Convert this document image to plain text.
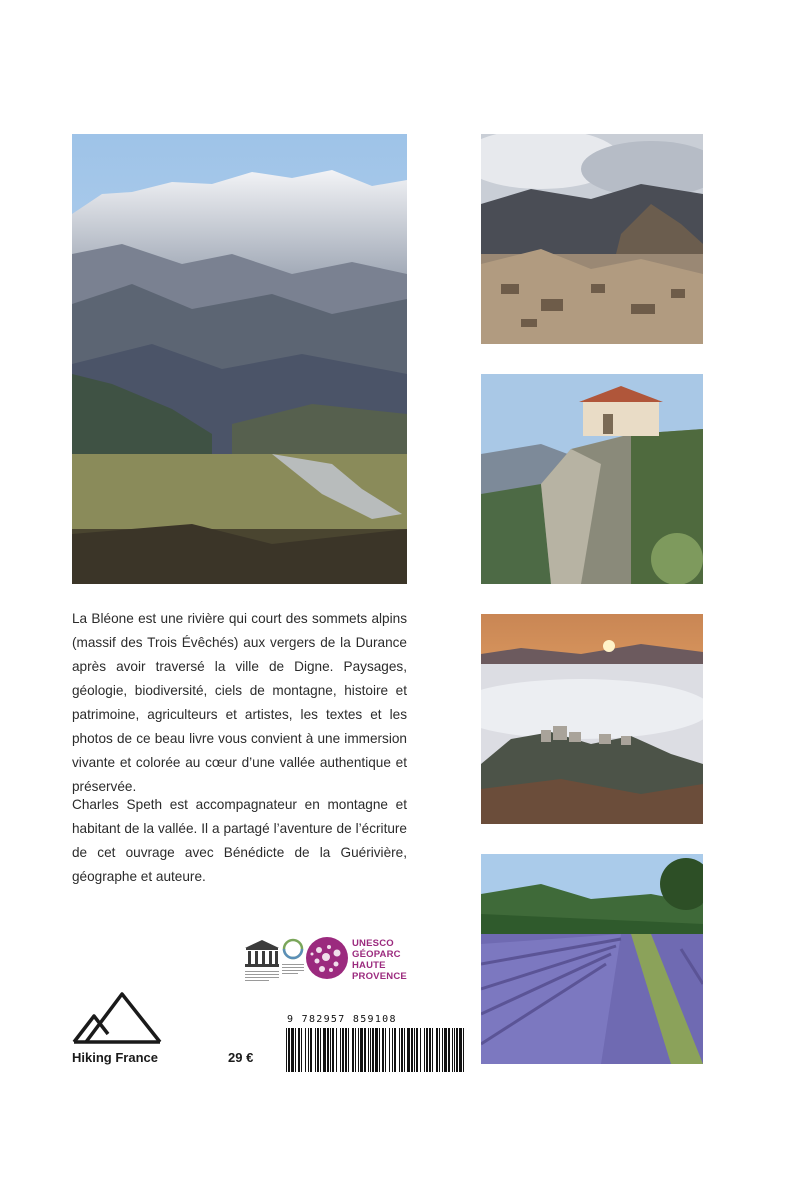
La Bléone est une rivière qui court des sommets alpins (massif des Trois Évêchés) aux vergers de la Durance après avoir traversé la ville de Digne. Paysages, géologie, biodiversité, ciels de montagne, histoire et patrimoine, agriculteurs et artistes, les textes et les photos de ce beau livre vous convient à une immersion vivante et colorée au cœur d’une vallée authentique et préservée.

Charles Speth est accompagnateur en montagne et habitant de la vallée. Il a partagé l’aventure de l’écriture de cet ouvrage avec Bénédicte de la Guérivière, géographe et auteure.

UNESCO
GÉOPARC
HAUTE
PROVENCE
Hiking France	29 €
9 782957 859108
